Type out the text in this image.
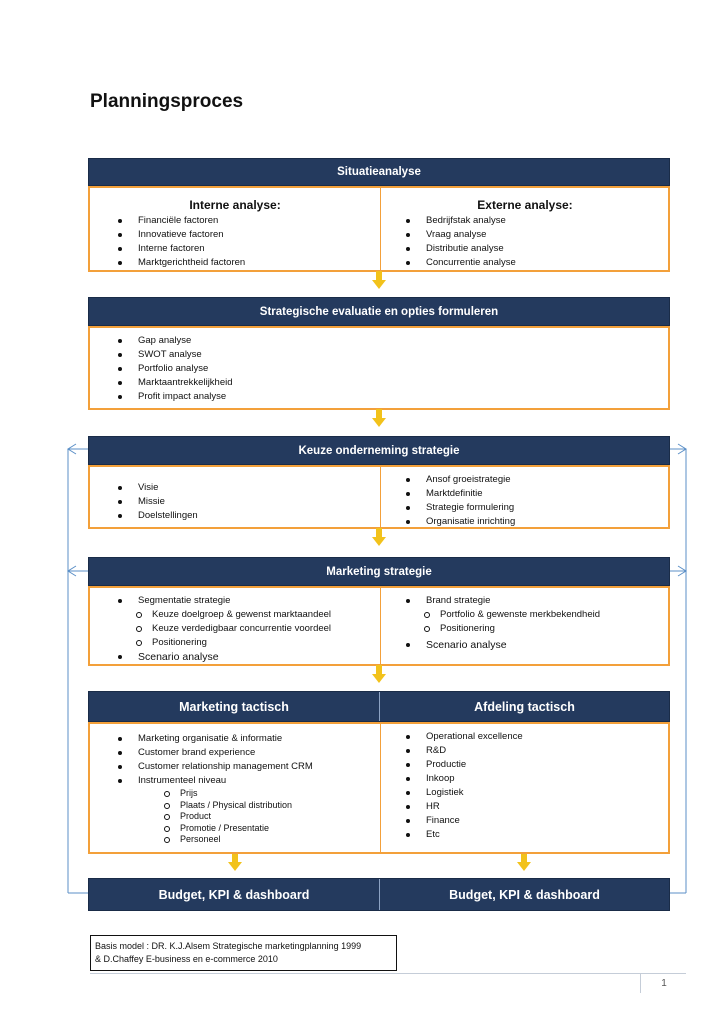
Planningsproces
Situatieanalyse
Interne analyse:	Externe analyse:
Financiële factoren
Innovatieve factoren
Interne factoren
Marktgerichtheid factoren
Bedrijfstak analyse
Vraag analyse
Distributie analyse
Concurrentie analyse
Strategische evaluatie en opties formuleren
Gap analyse
SWOT analyse
Portfolio analyse
Marktaantrekkelijkheid
Profit impact analyse
Keuze onderneming strategie
Visie
Missie
Doelstellingen
Ansof groeistrategie
Marktdefinitie
Strategie formulering
Organisatie inrichting
Marketing strategie
Segmentatie strategie
Keuze doelgroep & gewenst marktaandeel
Keuze verdedigbaar concurrentie voordeel
Positionering
Scenario analyse
Brand strategie
Portfolio & gewenste merkbekendheid
Positionering
Scenario analyse
Marketing tactisch	Afdeling tactisch
Marketing organisatie & informatie
Customer brand experience
Customer relationship management CRM
Instrumenteel niveau
Prijs
Plaats / Physical distribution
Product
Promotie / Presentatie
Personeel
Operational excellence
R&D
Productie
Inkoop
Logistiek
HR
Finance
Etc
Budget, KPI & dashboard	Budget, KPI & dashboard
Basis model : DR. K.J.Alsem Strategische marketingplanning 1999
& D.Chaffey E-business en e-commerce 2010
1
